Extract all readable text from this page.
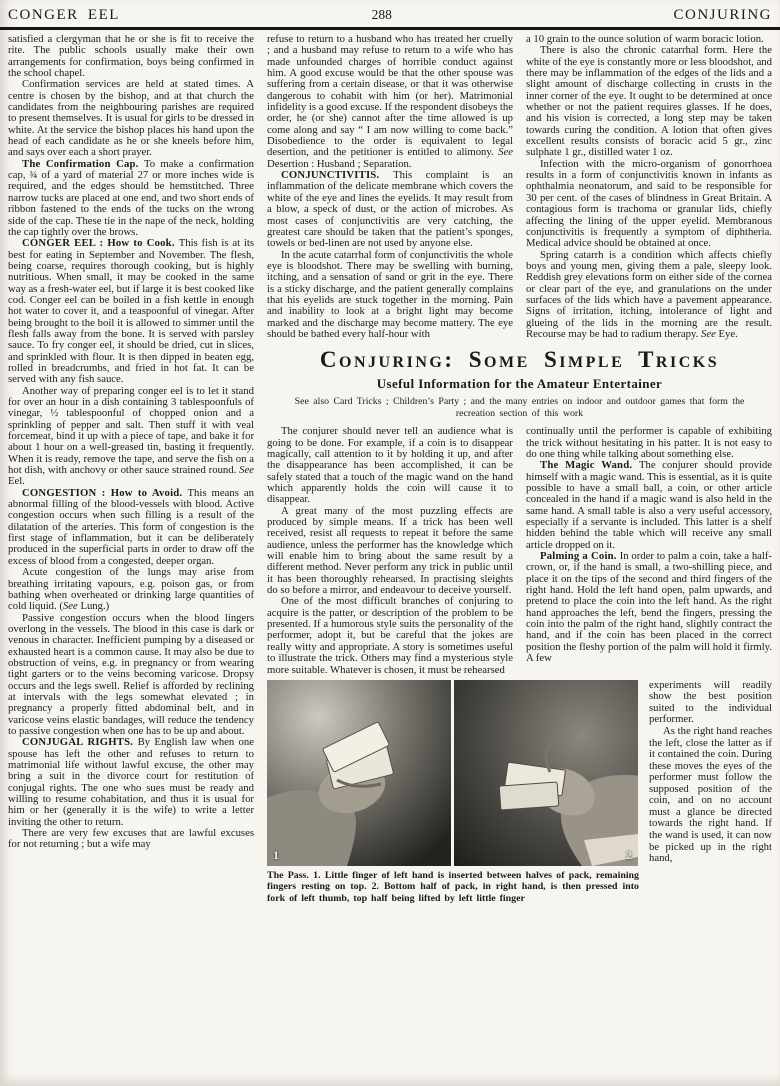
CONGER EEL	288	CONJURING

satisfied a clergyman that he or she is fit to receive the rite. The public schools usually make their own arrangements for confirmation, boys being confirmed in the school chapel.

Confirmation services are held at stated times. A centre is chosen by the bishop, and at that church the candidates from the neighbouring parishes are required to present themselves. It is usual for girls to be dressed in white. At the service the bishop places his hand upon the head of each candidate as he or she kneels before him, and says over each a short prayer.

The Confirmation Cap. To make a confirmation cap, ¾ of a yard of material 27 or more inches wide is required, and the edges should be hemstitched. Three narrow tucks are placed at one end, and two short ends of ribbon fastened to the ends of the tucks on the wrong side of the cap. These tie in the nape of the neck, holding the cap tightly over the brows.

CONGER EEL : How to Cook. This fish is at its best for eating in September and November. The flesh, being coarse, requires thorough cooking, but is highly nutritious. When small, it may be cooked in the same way as a fresh-water eel, but if large it is best cooked like cod. Conger eel can be boiled in a fish kettle in enough hot water to cover it, and a teaspoonful of vinegar. After being brought to the boil it is allowed to simmer until the flesh falls away from the bone. It is served with parsley sauce. To fry conger eel, it should be dried, cut in slices, and sprinkled with flour. It is then dipped in beaten egg, rolled in breadcrumbs, and fried in hot fat. It can be served with any fish sauce.

Another way of preparing conger eel is to let it stand for over an hour in a dish containing 3 tablespoonfuls of vinegar, ½ tablespoonful of chopped onion and a sprinkling of pepper and salt. Then stuff it with veal forcemeat, bind it up with a piece of tape, and bake it for about 1 hour on a well-greased tin, basting it frequently. When it is ready, remove the tape, and serve the fish on a hot dish, with anchovy or other sauce strained round. See Eel.

CONGESTION : How to Avoid. This means an abnormal filling of the blood-vessels with blood. Active congestion occurs when such filling is a result of the dilatation of the arteries. This form of congestion is the first stage of inflammation, but it can be deliberately produced in the superficial parts in order to draw off the excess of blood from a congested, deeper organ.

Acute congestion of the lungs may arise from breathing irritating vapours, e.g. poison gas, or from bathing when overheated or drinking large quantities of cold liquid. (See Lung.)

Passive congestion occurs when the blood lingers overlong in the vessels. The blood in this case is dark or venous in character. Inefficient pumping by a diseased or exhausted heart is a common cause. It may also be due to obstruction of veins, e.g. in pregnancy or from wearing tight garters or to the veins becoming varicose. Dropsy occurs and the legs swell. Relief is afforded by reclining at intervals with the legs somewhat elevated ; in pregnancy a properly fitted abdominal belt, and in varicose veins elastic bandages, will reduce the tendency to passive congestion when one has to be up and about.

CONJUGAL RIGHTS. By English law when one spouse has left the other and refuses to return to matrimonial life without lawful excuse, the other may bring a suit in the divorce court for restitution of conjugal rights. The one who sues must be ready and willing to resume cohabitation, and thus it is usual for him or her (generally it is the wife) to write a letter inviting the other to return.

There are very few excuses that are lawful excuses for not returning ; but a wife may

refuse to return to a husband who has treated her cruelly ; and a husband may refuse to return to a wife who has made unfounded charges of horrible conduct against him. A good excuse would be that the other spouse was suffering from a certain disease, or that it was otherwise dangerous to cohabit with him (or her). Matrimonial infidelity is a good excuse. If the respondent disobeys the order, he (or she) cannot after the time allowed is up come along and say “ I am now willing to come back.” Disobedience to the order is equivalent to legal desertion, and the petitioner is entitled to alimony. See Desertion : Husband ; Separation.

CONJUNCTIVITIS. This complaint is an inflammation of the delicate membrane which covers the white of the eye and lines the eyelids. It may result from a blow, a speck of dust, or the action of microbes. As most cases of conjunctivitis are very catching, the greatest care should be taken that the patient’s sponges, towels or bed-linen are not used by anyone else.

In the acute catarrhal form of conjunctivitis the whole eye is bloodshot. There may be swelling with burning, itching, and a sensation of sand or grit in the eye. There is a sticky discharge, and the patient generally complains that his eyelids are stuck together in the morning. Pain and inability to look at a bright light may become marked and the discharge may become mattery. The eye should be bathed every half-hour with

a 10 grain to the ounce solution of warm boracic lotion.

There is also the chronic catarrhal form. Here the white of the eye is constantly more or less bloodshot, and there may be inflammation of the edges of the lids and a slight amount of discharge collecting in crusts in the inner corner of the eye. It ought to be determined at once whether or not the patient requires glasses. If he does, and his vision is corrected, a long step may be taken towards curing the condition. A lotion that often gives excellent results consists of boracic acid 5 gr., zinc sulphate 1 gr., distilled water 1 oz.

Infection with the micro-organism of gonorrhoea results in a form of conjunctivitis known in infants as ophthalmia neonatorum, and said to be responsible for 30 per cent. of the cases of blindness in Great Britain. A contagious form is trachoma or granular lids, chiefly affecting the lining of the upper eyelid. Membranous conjunctivitis is frequently a symptom of diphtheria. Medical advice should be obtained at once.

Spring catarrh is a condition which affects chiefly boys and young men, giving them a pale, sleepy look. Reddish grey elevations form on either side of the cornea or clear part of the eye, and granulations on the under surfaces of the lids which have a pavement appearance. Signs of irritation, itching, intolerance of light and glueing of the lids in the morning are the result. Recourse may be had to radium therapy. See Eye.

Conjuring: Some Simple Tricks
Useful Information for the Amateur Entertainer

See also Card Tricks ; Children’s Party ; and the many entries on indoor and outdoor games that form the recreation section of this work

The conjurer should never tell an audience what is going to be done. For example, if a coin is to disappear magically, call attention to it by holding it up, and after the disappearance has been accomplished, it can be safely stated that a touch of the magic wand on the hand which apparently holds the coin will cause it to disappear.

A great many of the most puzzling effects are produced by simple means. If a trick has been well received, resist all requests to repeat it before the same audience, unless the performer has the knowledge which will enable him to bring about the same result by a different method. Never perform any trick in public until it has been thoroughly rehearsed. In practising sleights do so before a mirror, and endeavour to deceive yourself.

One of the most difficult branches of conjuring to acquire is the patter, or description of the problem to be presented. If a humorous style suits the personality of the performer, adopt it, but be careful that the jokes are really witty and appropriate. A story is sometimes useful to illustrate the trick. Others may find a mysterious style more suitable. Whatever is chosen, it must be rehearsed

continually until the performer is capable of exhibiting the trick without hesitating in his patter. It is not easy to do one thing while talking about something else.

The Magic Wand. The conjurer should provide himself with a magic wand. This is essential, as it is quite possible to have a small ball, a coin, or other article concealed in the hand if a magic wand is also held in the same hand. A small table is also a very useful accessory, especially if a servante is included. This latter is a shelf hidden behind the table which will receive any small article dropped on it.

Palming a Coin. In order to palm a coin, take a half-crown, or, if the hand is small, a two-shilling piece, and place it on the tips of the second and third fingers of the right hand. Hold the left hand open, palm upwards, and pretend to place the coin into the left hand. As the right hand approaches the left, bend the fingers, pressing the coin into the palm of the right hand, slightly contract the hand, and if the coin has been placed in the correct position the fleshy portion of the palm will hold it firmly. A few

1	2
The Pass. 1. Little finger of left hand is inserted between halves of pack, remaining fingers resting on top. 2. Bottom half of pack, in right hand, is then pressed into fork of left thumb, top half being lifted by left little finger

experiments will readily show the best position suited to the individual performer.

As the right hand reaches the left, close the latter as if it contained the coin. During these moves the eyes of the performer must follow the supposed position of the coin, and on no account must a glance be directed towards the right hand. If the wand is used, it can now be picked up in the right hand,
